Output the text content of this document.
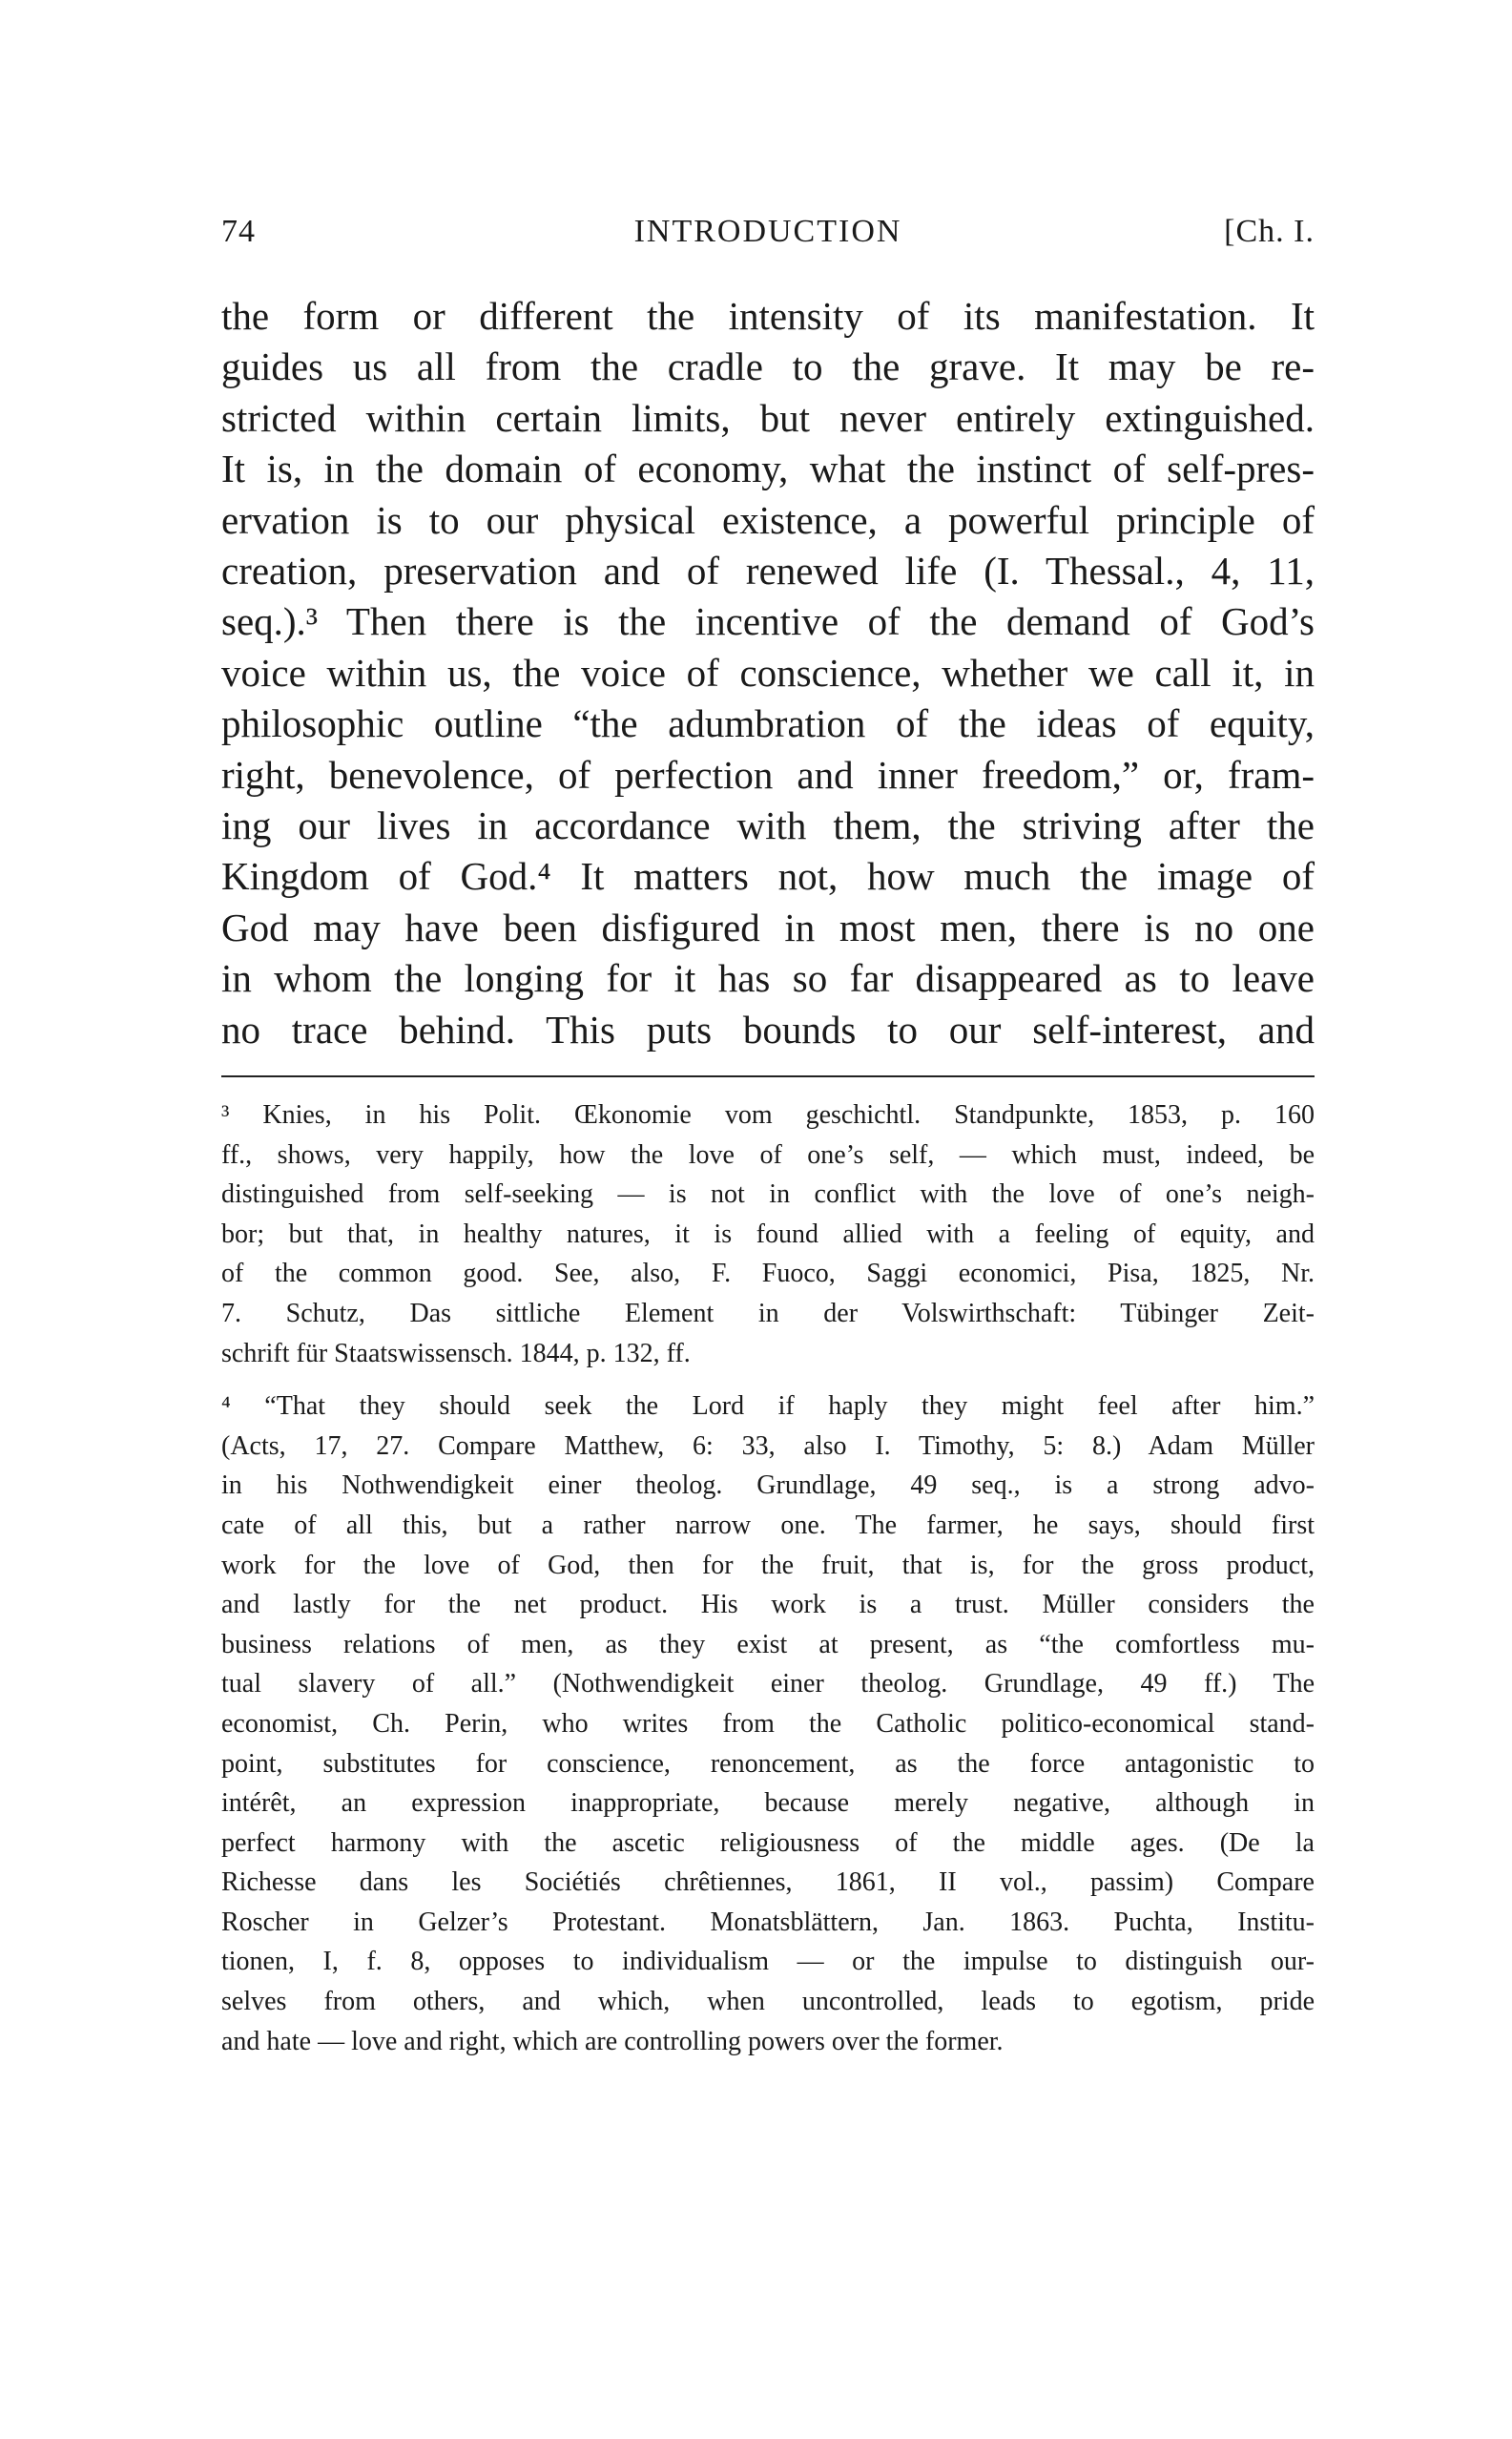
74	INTRODUCTION	[Ch. I.
the form or different the intensity of its manifestation. It
guides us all from the cradle to the grave. It may be re-
stricted within certain limits, but never entirely extinguished.
It is, in the domain of economy, what the instinct of self-pres-
ervation is to our physical existence, a powerful principle of
creation, preservation and of renewed life (I. Thessal., 4, 11,
seq.).³ Then there is the incentive of the demand of God’s
voice within us, the voice of conscience, whether we call it, in
philosophic outline “the adumbration of the ideas of equity,
right, benevolence, of perfection and inner freedom,” or, fram-
ing our lives in accordance with them, the striving after the
Kingdom of God.⁴ It matters not, how much the image of
God may have been disfigured in most men, there is no one
in whom the longing for it has so far disappeared as to leave
no trace behind. This puts bounds to our self-interest, and
³ Knies, in his Polit. Œkonomie vom geschichtl. Standpunkte, 1853, p. 160
ff., shows, very happily, how the love of one’s self, — which must, indeed, be
distinguished from self-seeking — is not in conflict with the love of one’s neigh-
bor; but that, in healthy natures, it is found allied with a feeling of equity, and
of the common good. See, also, F. Fuoco, Saggi economici, Pisa, 1825, Nr.
7. Schutz, Das sittliche Element in der Volswirthschaft: Tübinger Zeit-
schrift für Staatswissensch. 1844, p. 132, ff.
⁴ “That they should seek the Lord if haply they might feel after him.”
(Acts, 17, 27. Compare Matthew, 6: 33, also I. Timothy, 5: 8.) Adam Müller
in his Nothwendigkeit einer theolog. Grundlage, 49 seq., is a strong advo-
cate of all this, but a rather narrow one. The farmer, he says, should first
work for the love of God, then for the fruit, that is, for the gross product,
and lastly for the net product. His work is a trust. Müller considers the
business relations of men, as they exist at present, as “the comfortless mu-
tual slavery of all.” (Nothwendigkeit einer theolog. Grundlage, 49 ff.) The
economist, Ch. Perin, who writes from the Catholic politico-economical stand-
point, substitutes for conscience, renoncement, as the force antagonistic to
intérêt, an expression inappropriate, because merely negative, although in
perfect harmony with the ascetic religiousness of the middle ages. (De la
Richesse dans les Sociétiés chrêtiennes, 1861, II vol., passim) Compare
Roscher in Gelzer’s Protestant. Monatsblättern, Jan. 1863. Puchta, Institu-
tionen, I, f. 8, opposes to individualism — or the impulse to distinguish our-
selves from others, and which, when uncontrolled, leads to egotism, pride
and hate — love and right, which are controlling powers over the former.
